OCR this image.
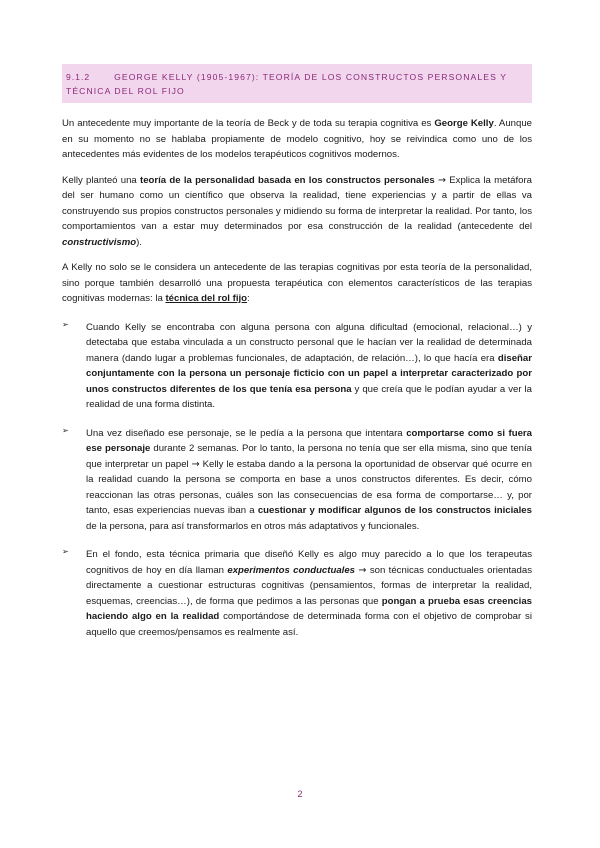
9.1.2	GEORGE KELLY (1905-1967): TEORÍA DE LOS CONSTRUCTOS PERSONALES Y TÉCNICA DEL ROL FIJO

Un antecedente muy importante de la teoría de Beck y de toda su terapia cognitiva es George Kelly. Aunque en su momento no se hablaba propiamente de modelo cognitivo, hoy se reivindica como uno de los antecedentes más evidentes de los modelos terapéuticos cognitivos modernos.

Kelly planteó una teoría de la personalidad basada en los constructos personales → Explica la metáfora del ser humano como un científico que observa la realidad, tiene experiencias y a partir de ellas va construyendo sus propios constructos personales y midiendo su forma de interpretar la realidad. Por tanto, los comportamientos van a estar muy determinados por esa construcción de la realidad (antecedente del constructivismo).

A Kelly no solo se le considera un antecedente de las terapias cognitivas por esta teoría de la personalidad, sino porque también desarrolló una propuesta terapéutica con elementos característicos de las terapias cognitivas modernas: la técnica del rol fijo:

➢ Cuando Kelly se encontraba con alguna persona con alguna dificultad (emocional, relacional…) y detectaba que estaba vinculada a un constructo personal que le hacían ver la realidad de determinada manera (dando lugar a problemas funcionales, de adaptación, de relación…), lo que hacía era diseñar conjuntamente con la persona un personaje ficticio con un papel a interpretar caracterizado por unos constructos diferentes de los que tenía esa persona y que creía que le podían ayudar a ver la realidad de una forma distinta.

➢ Una vez diseñado ese personaje, se le pedía a la persona que intentara comportarse como si fuera ese personaje durante 2 semanas. Por lo tanto, la persona no tenía que ser ella misma, sino que tenía que interpretar un papel → Kelly le estaba dando a la persona la oportunidad de observar qué ocurre en la realidad cuando la persona se comporta en base a unos constructos diferentes. Es decir, cómo reaccionan las otras personas, cuáles son las consecuencias de esa forma de comportarse… y, por tanto, esas experiencias nuevas iban a cuestionar y modificar algunos de los constructos iniciales de la persona, para así transformarlos en otros más adaptativos y funcionales.

➢ En el fondo, esta técnica primaria que diseñó Kelly es algo muy parecido a lo que los terapeutas cognitivos de hoy en día llaman experimentos conductuales → son técnicas conductuales orientadas directamente a cuestionar estructuras cognitivas (pensamientos, formas de interpretar la realidad, esquemas, creencias…), de forma que pedimos a las personas que pongan a prueba esas creencias haciendo algo en la realidad comportándose de determinada forma con el objetivo de comprobar si aquello que creemos/pensamos es realmente así.

2
